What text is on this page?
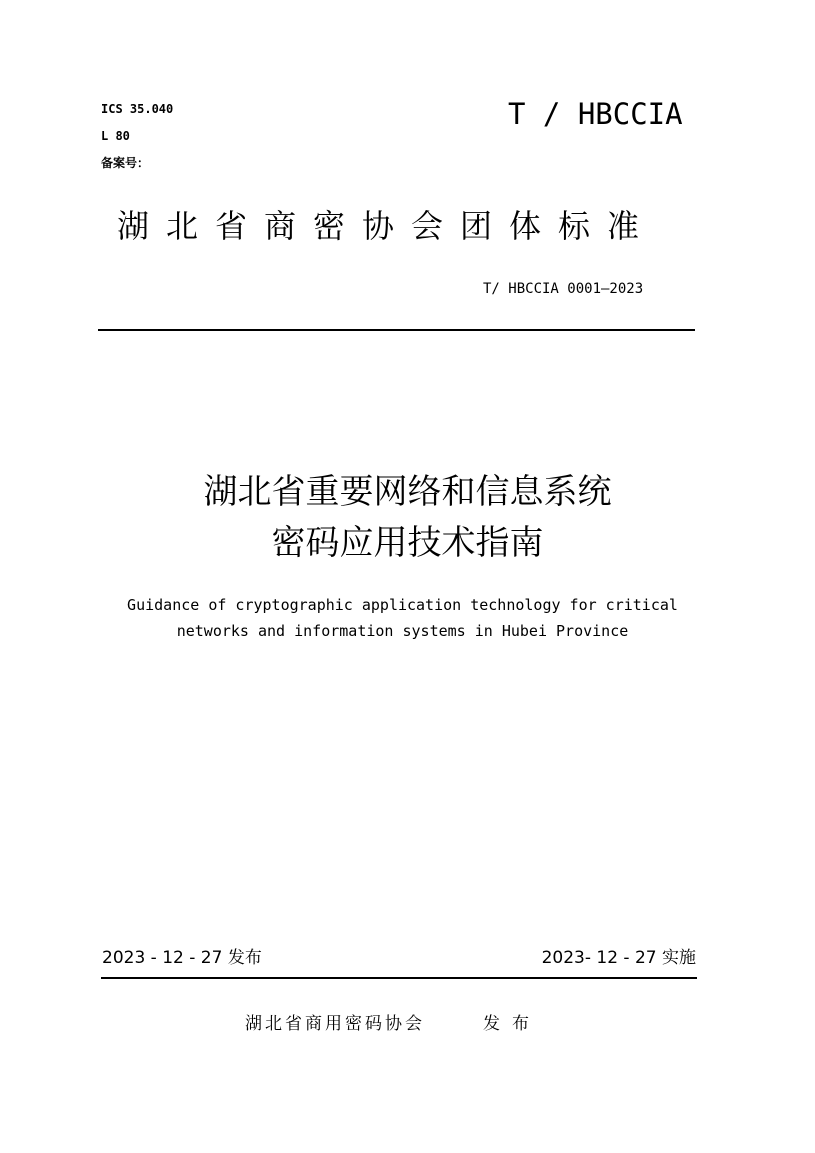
ICS 35.040
L 80
备案号：
T / HBCCIA
湖北省商密协会团体标准
T/ HBCCIA 0001—2023
湖北省重要网络和信息系统
密码应用技术指南
Guidance of cryptographic application technology for critical
networks and information systems in Hubei Province
2023 - 12 - 27 发布	2023- 12 - 27 实施
湖北省商用密码协会	发布
